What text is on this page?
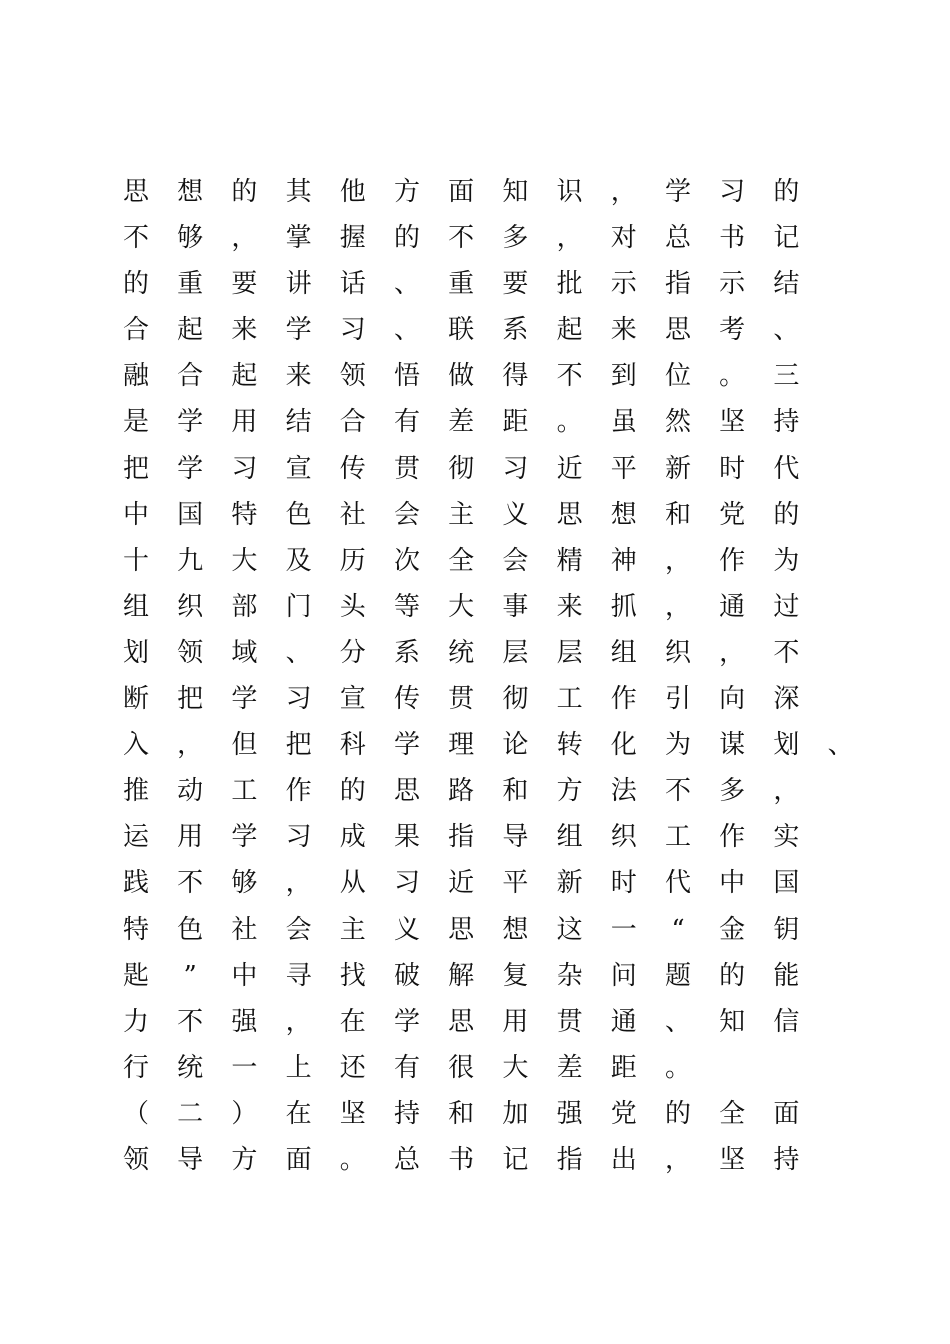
思	想	的	其	他	方	面	知	识	，	学	习	的
不	够	，	掌	握	的	不	多	，	对	总	书	记
的	重	要	讲	话	、	重	要	批	示	指	示	结
合	起	来	学	习	、	联	系	起	来	思	考	、
融	合	起	来	领	悟	做	得	不	到	位	。	三
是	学	用	结	合	有	差	距	。	虽	然	坚	持
把	学	习	宣	传	贯	彻	习	近	平	新	时	代
中	国	特	色	社	会	主	义	思	想	和	党	的
十	九	大	及	历	次	全	会	精	神	，	作	为
组	织	部	门	头	等	大	事	来	抓	，	通	过
划	领	域	、	分	系	统	层	层	组	织	，	不
断	把	学	习	宣	传	贯	彻	工	作	引	向	深
入	，	但	把	科	学	理	论	转	化	为	谋	划	、
推	动	工	作	的	思	路	和	方	法	不	多	，
运	用	学	习	成	果	指	导	组	织	工	作	实
践	不	够	，	从	习	近	平	新	时	代	中	国
特	色	社	会	主	义	思	想	这	一	“	金	钥
匙	”	中	寻	找	破	解	复	杂	问	题	的	能
力	不	强	，	在	学	思	用	贯	通	、	知	信
行	统	一	上	还	有	很	大	差	距	。
（	二	）	在	坚	持	和	加	强	党	的	全	面
领	导	方	面	。	总	书	记	指	出	，	坚	持
